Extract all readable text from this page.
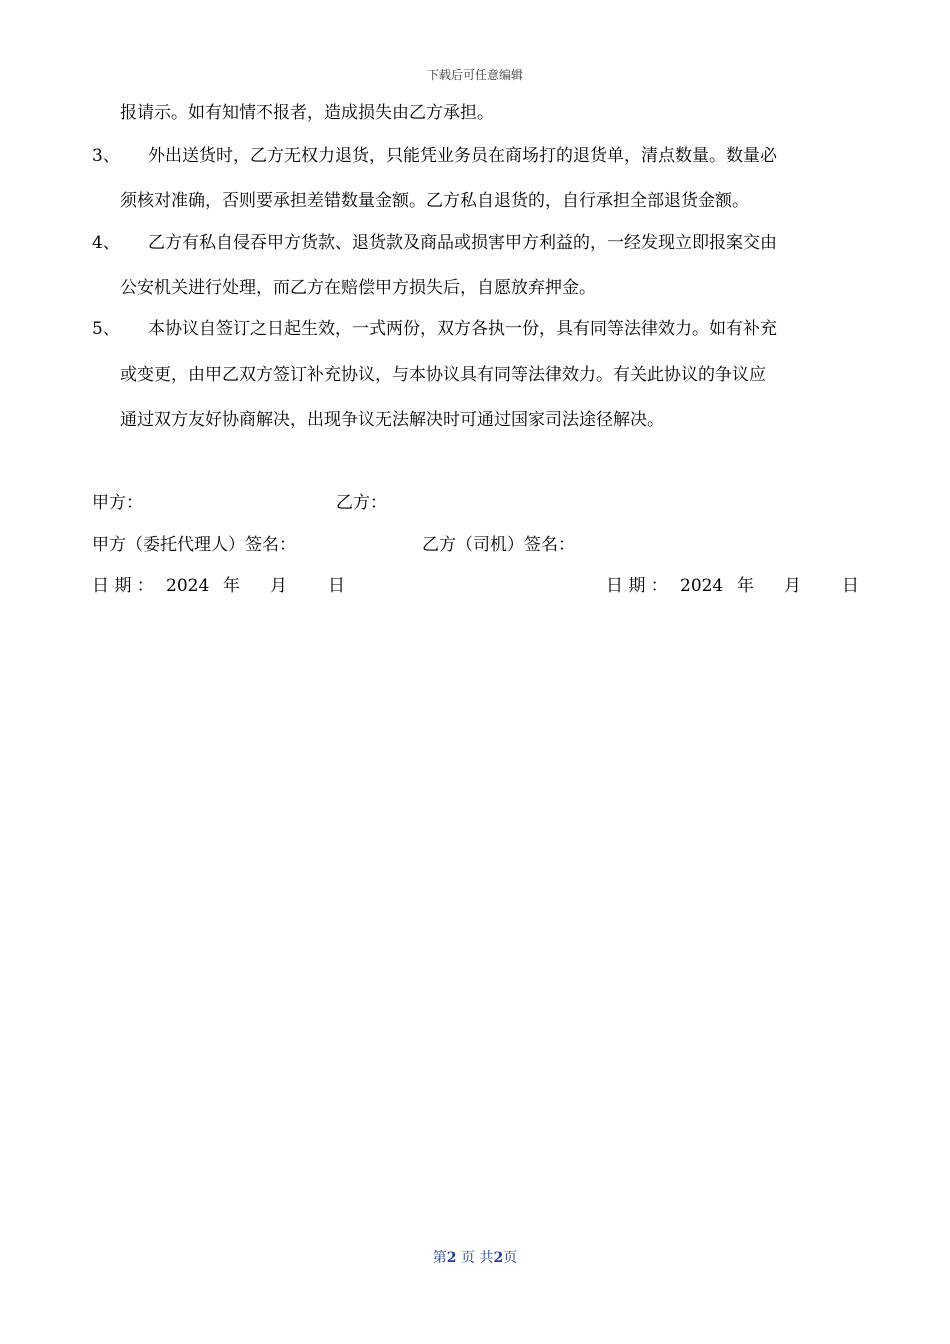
下载后可任意编辑
报请示。如有知情不报者，造成损失由乙方承担。
3、 外出送货时，乙方无权力退货，只能凭业务员在商场打的退货单，清点数量。数量必
须核对准确，否则要承担差错数量金额。乙方私自退货的，自行承担全部退货金额。
4、 乙方有私自侵吞甲方货款、退货款及商品或损害甲方利益的，一经发现立即报案交由
公安机关进行处理，而乙方在赔偿甲方损失后，自愿放弃押金。
5、 本协议自签订之日起生效，一式两份，双方各执一份，具有同等法律效力。如有补充
或变更，由甲乙双方签订补充协议，与本协议具有同等法律效力。有关此协议的争议应
通过双方友好协商解决，出现争议无法解决时可通过国家司法途径解决。
甲方：	乙方：
甲方（委托代理人）签名：	乙方（司机）签名：
日 期 ： 2024 年 月 日	日 期 ： 2024 年 月 日
第2 页 共2页
